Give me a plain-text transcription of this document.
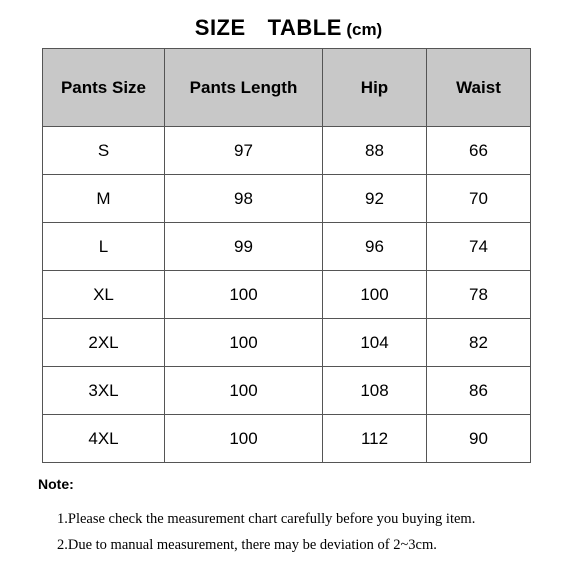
SIZE TABLE (cm)
Pants Size	Pants Length	Hip	Waist
S	97	88	66
M	98	92	70
L	99	96	74
XL	100	100	78
2XL	100	104	82
3XL	100	108	86
4XL	100	112	90
Note:
1.Please check the measurement chart carefully before you buying item.
2.Due to manual measurement, there may be deviation of 2~3cm.
